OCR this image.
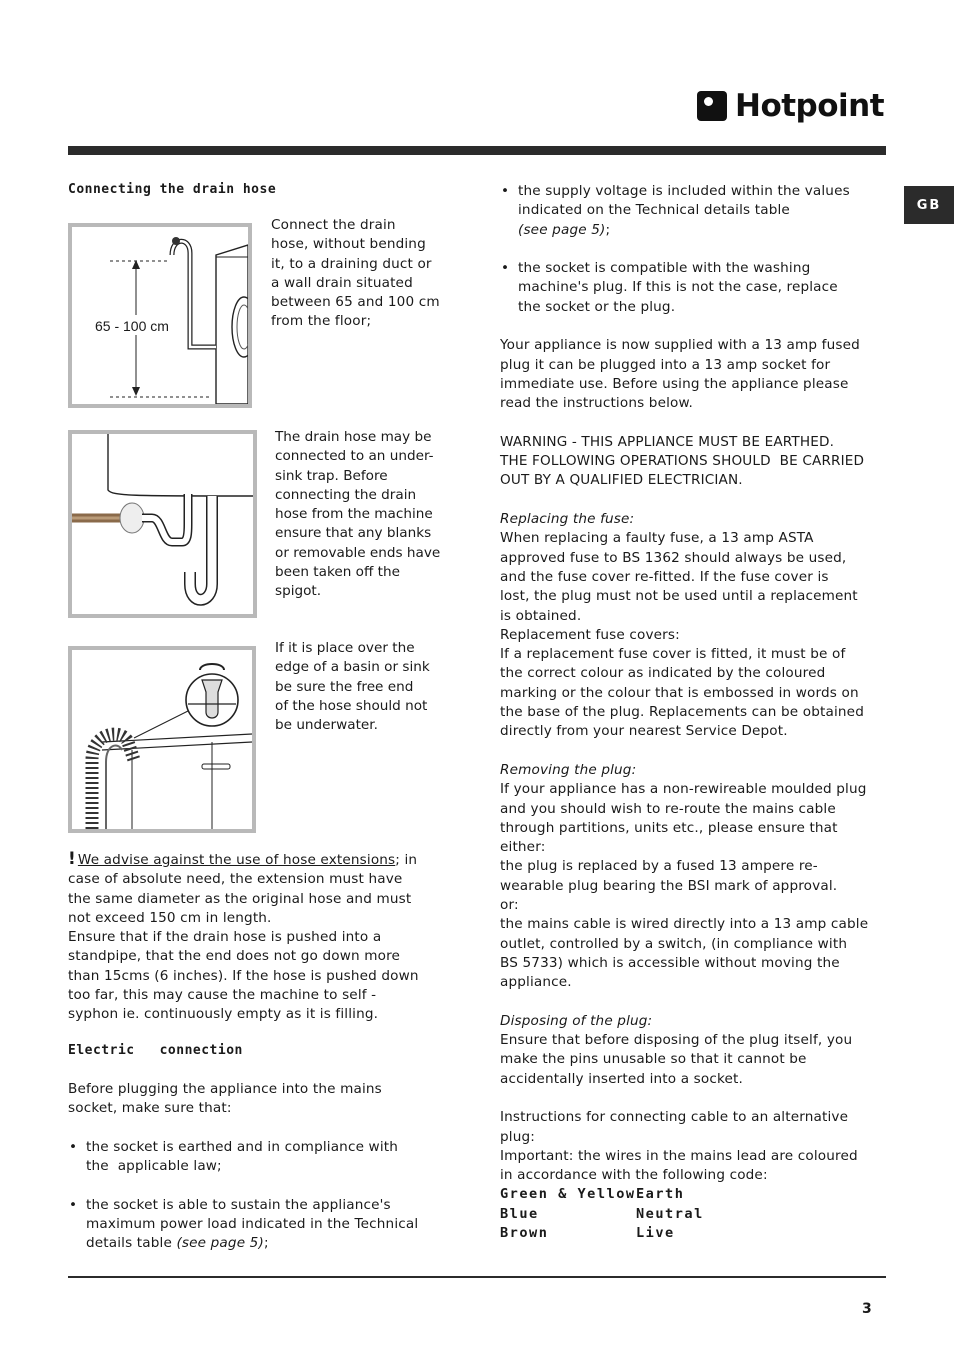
Hotpoint
GB
Connecting the drain hose
65 - 100 cm
Connect the drain
hose, without bending
it, to a draining duct or
a wall drain situated
between 65 and 100 cm
from the floor;
The drain hose may be
connected to an under-
sink trap. Before
connecting the drain
hose from the machine
ensure that any blanks
or removable ends have
been taken off the
spigot.
If it is place over the
edge of a basin or sink
be sure the free end
of the hose should not
be underwater.
! We advise against the use of hose extensions; in
case of absolute need, the extension must have
the same diameter as the original hose and must
not exceed 150 cm in length.
Ensure that if the drain hose is pushed into a
standpipe, that the end does not go down more
than 15cms (6 inches). If the hose is pushed down
too far, this may cause the machine to self -
syphon ie. continuously empty as it is filling.
Electric   connection
Before plugging the appliance into the mains
socket, make sure that:
• the socket is earthed and in compliance with
the  applicable law;
• the socket is able to sustain the appliance's
maximum power load indicated in the Technical
details table (see page 5);
• the supply voltage is included within the values
indicated on the Technical details table
(see page 5);
• the socket is compatible with the washing
machine's plug. If this is not the case, replace
the socket or the plug.
Your appliance is now supplied with a 13 amp fused
plug it can be plugged into a 13 amp socket for
immediate use. Before using the appliance please
read the instructions below.
WARNING - THIS APPLIANCE MUST BE EARTHED.
THE FOLLOWING OPERATIONS SHOULD  BE CARRIED
OUT BY A QUALIFIED ELECTRICIAN.
Replacing the fuse:
When replacing a faulty fuse, a 13 amp ASTA
approved fuse to BS 1362 should always be used,
and the fuse cover re-fitted. If the fuse cover is
lost, the plug must not be used until a replacement
is obtained.
Replacement fuse covers:
If a replacement fuse cover is fitted, it must be of
the correct colour as indicated by the coloured
marking or the colour that is embossed in words on
the base of the plug. Replacements can be obtained
directly from your nearest Service Depot.
Removing the plug:
If your appliance has a non-rewireable moulded plug
and you should wish to re-route the mains cable
through partitions, units etc., please ensure that
either:
the plug is replaced by a fused 13 ampere re-
wearable plug bearing the BSI mark of approval.
or:
the mains cable is wired directly into a 13 amp cable
outlet, controlled by a switch, (in compliance with
BS 5733) which is accessible without moving the
appliance.
Disposing of the plug:
Ensure that before disposing of the plug itself, you
make the pins unusable so that it cannot be
accidentally inserted into a socket.
Instructions for connecting cable to an alternative
plug:
Important: the wires in the mains lead are coloured
in accordance with the following code:
Green & Yellow Earth
Blue	Neutral
Brown	Live
3
